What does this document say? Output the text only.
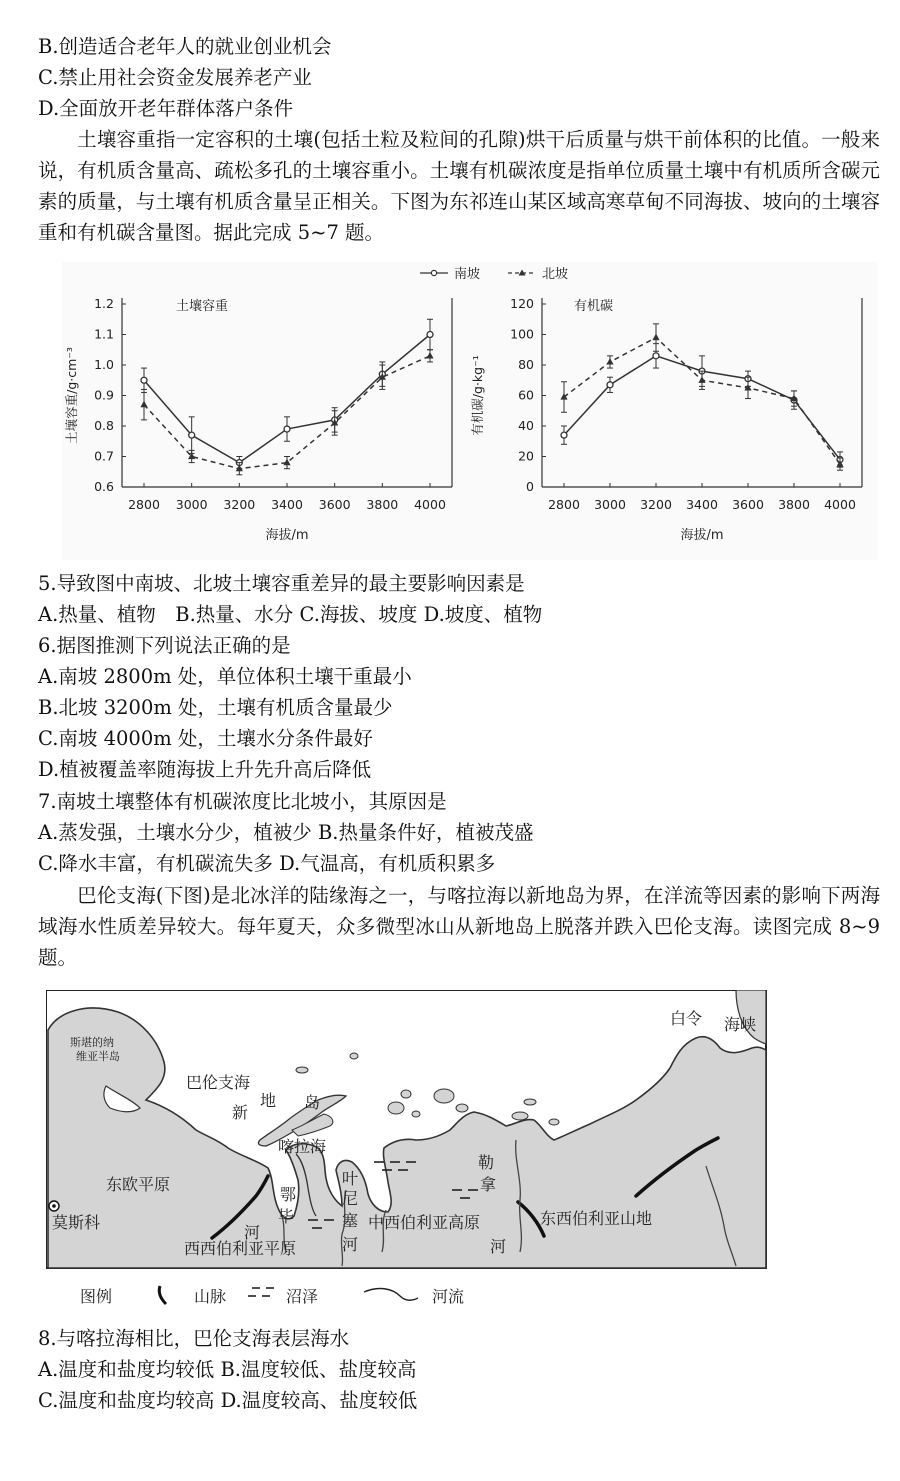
B.创造适合老年人的就业创业机会
C.禁止用社会资金发展养老产业
D.全面放开老年群体落户条件
土壤容重指一定容积的土壤(包括土粒及粒间的孔隙)烘干后质量与烘干前体积的比值。一般来说，有机质含量高、疏松多孔的土壤容重小。土壤有机碳浓度是指单位质量土壤中有机质所含碳元素的质量，与土壤有机质含量呈正相关。下图为东祁连山某区域高寒草甸不同海拔、坡向的土壤容重和有机碳含量图。据此完成 5~7 题。
南坡	北坡
0.6
0.7
0.8
0.9
1.0
1.1
1.2
2800 3000 3200 3400 3600 3800 4000
土壤容重
海拔/m
土壤容重/g·cm⁻³
0
20
40
60
80
100
120
2800 3000 3200 3400 3600 3800 4000
有机碳
海拔/m
有机碳/g·kg⁻¹
5.导致图中南坡、北坡土壤容重差异的最主要影响因素是
A.热量、植物　B.热量、水分 C.海拔、坡度 D.坡度、植物
6.据图推测下列说法正确的是
A.南坡 2800m 处，单位体积土壤干重最小
B.北坡 3200m 处，土壤有机质含量最少
C.南坡 4000m 处，土壤水分条件最好
D.植被覆盖率随海拔上升先升高后降低
7.南坡土壤整体有机碳浓度比北坡小，其原因是
A.蒸发强，土壤水分少，植被少 B.热量条件好，植被茂盛
C.降水丰富，有机碳流失多 D.气温高，有机质积累多
巴伦支海(下图)是北冰洋的陆缘海之一，与喀拉海以新地岛为界，在洋流等因素的影响下两海域海水性质差异较大。每年夏天，众多微型冰山从新地岛上脱落并跌入巴伦支海。读图完成 8~9 题。
斯堪的纳
维亚半岛
巴伦支海
新
地 岛
喀拉海
白令 海峡
东欧平原
莫斯科
鄂
毕
河
叶
尼
塞
河
勒
拿
河
西西伯利亚平原
中西伯利亚高原	东西伯利亚山地
图例	山脉	沼泽	河流
8.与喀拉海相比，巴伦支海表层海水
A.温度和盐度均较低 B.温度较低、盐度较高
C.温度和盐度均较高 D.温度较高、盐度较低
